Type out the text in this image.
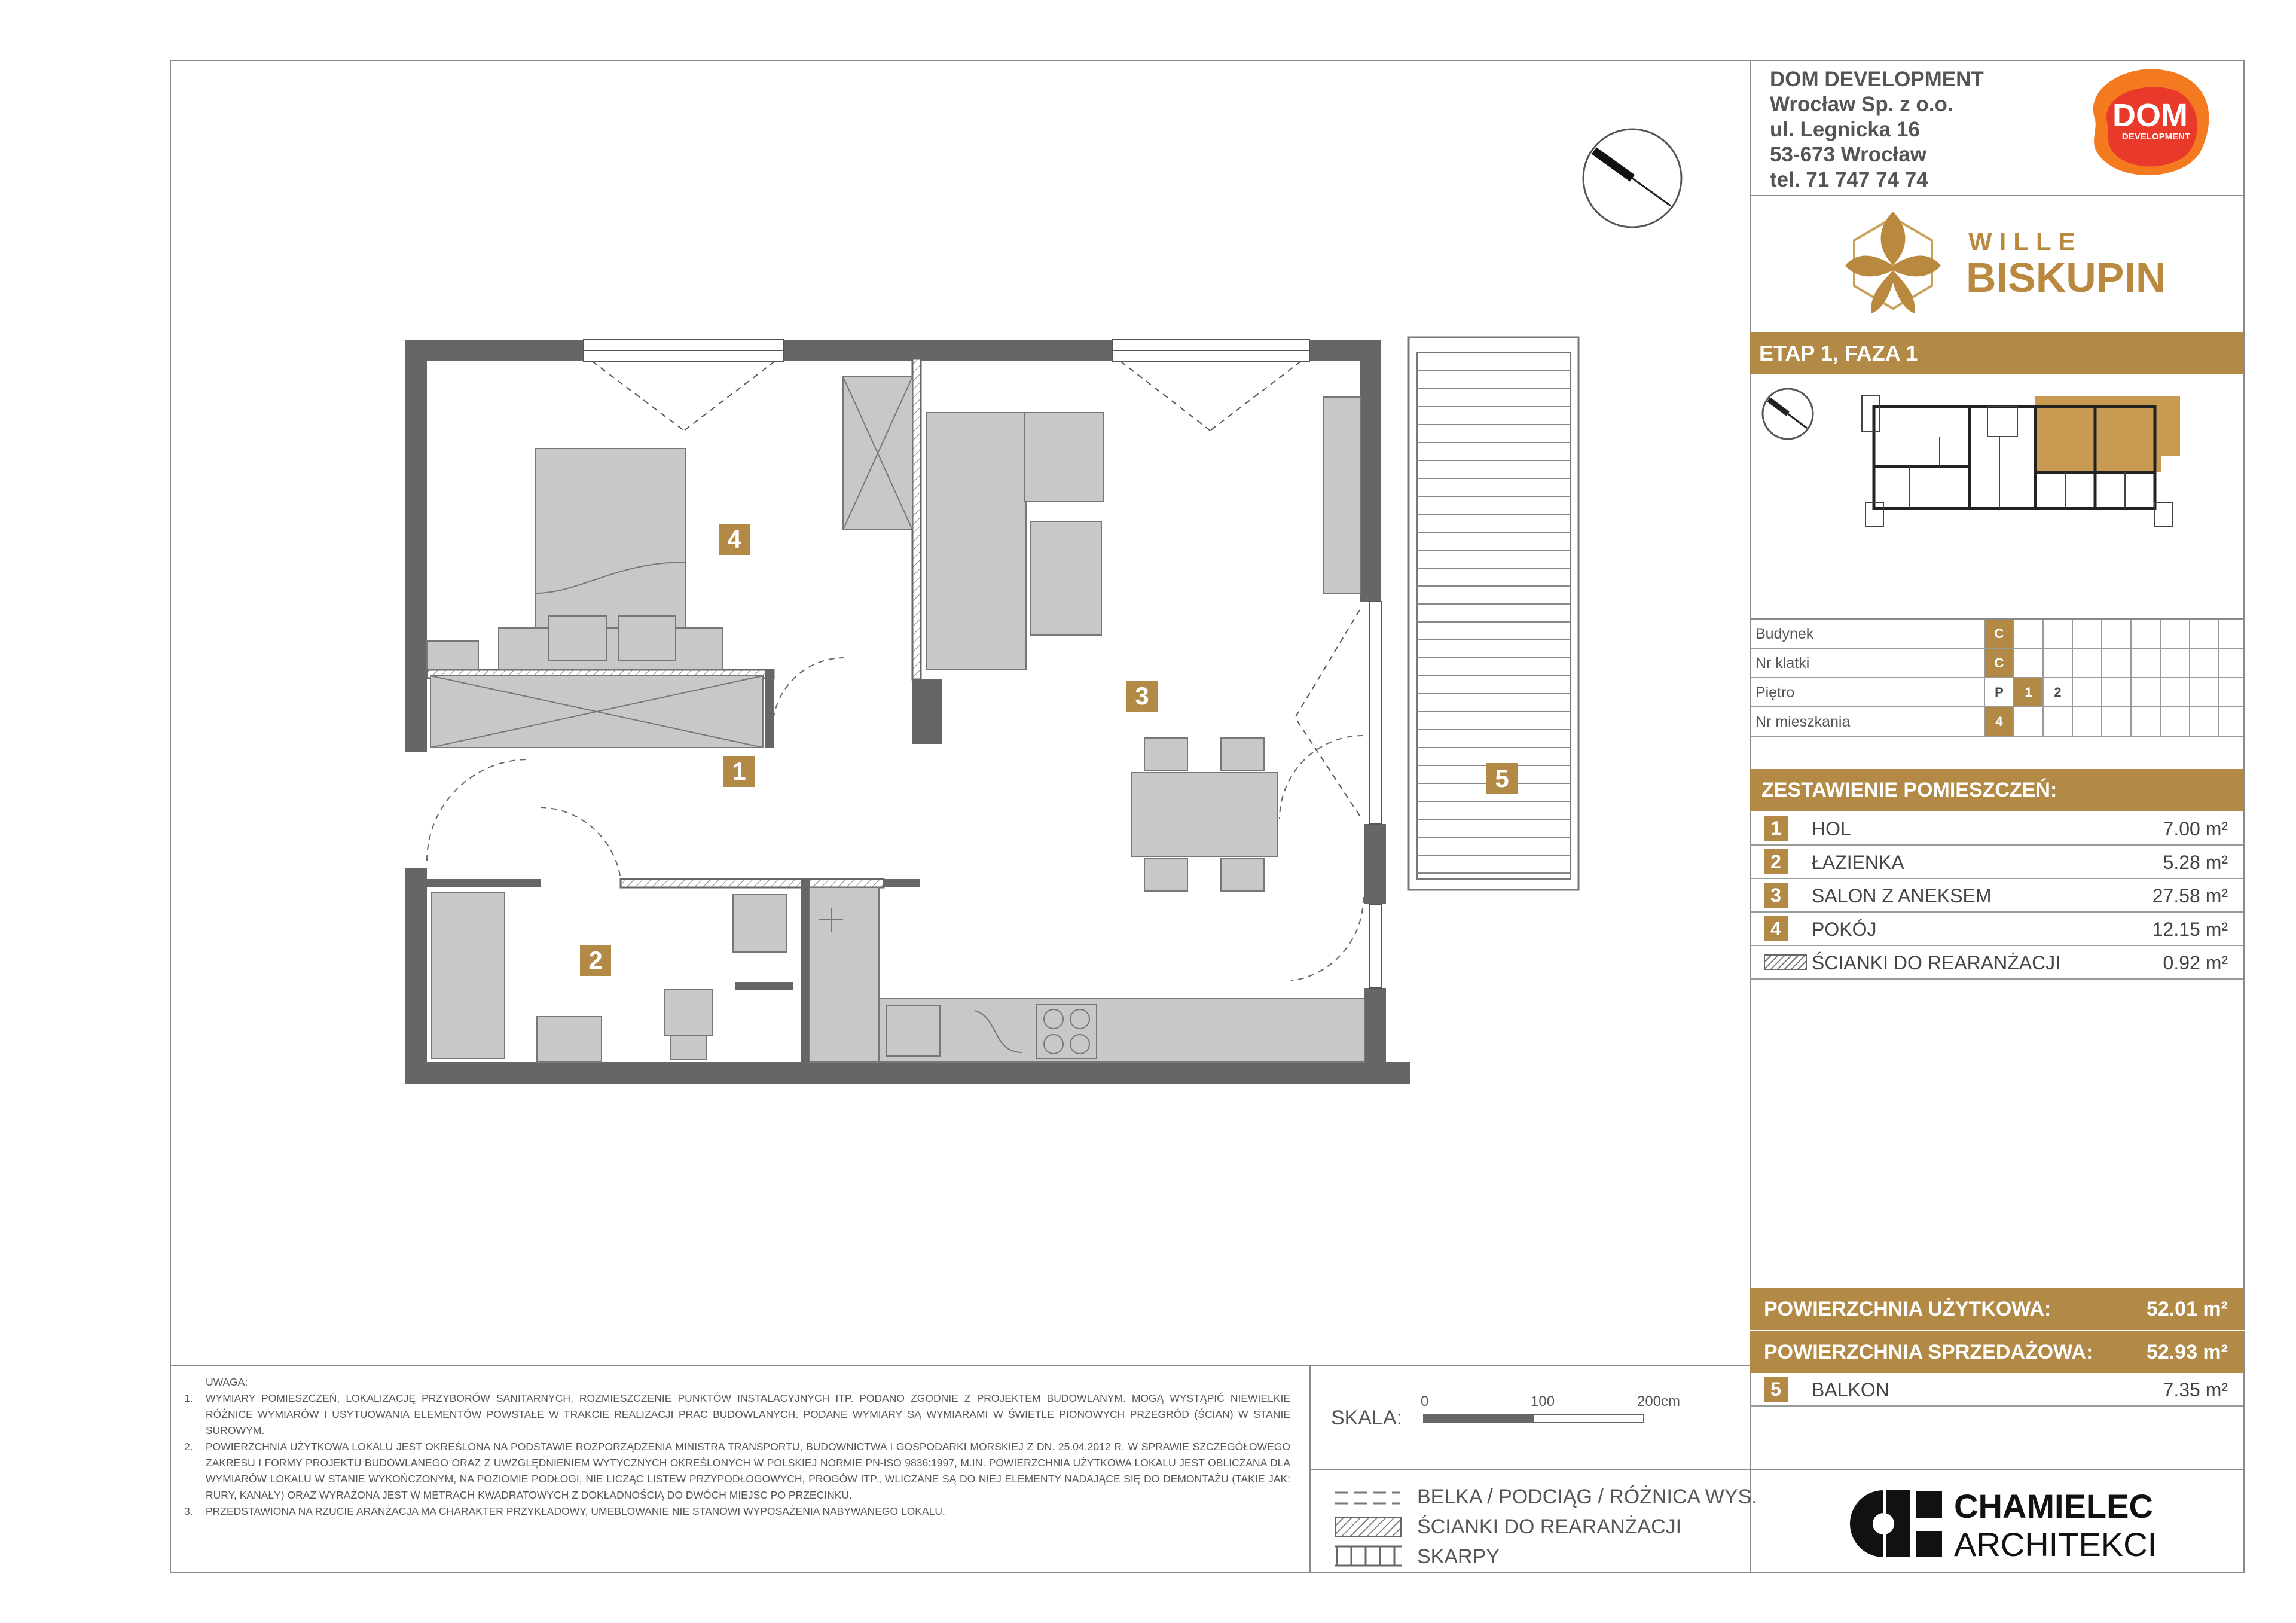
DOM DEVELOPMENT
Wrocław Sp. z o.o.
ul. Legnicka 16
53-673 Wrocław
tel. 71 747 74 74
DOM
DEVELOPMENT
WILLE
BISKUPIN
ETAP 1, FAZA 1
Budynek	C
Nr klatki	C
Piętro	P	1	2
Nr mieszkania	4
ZESTAWIENIE POMIESZCZEŃ:
1	HOL	7.00 m²
2	ŁAZIENKA	5.28 m²
3	SALON Z ANEKSEM	27.58 m²
4	POKÓJ	12.15 m²
ŚCIANKI DO REARANŻACJI	0.92 m²
POWIERZCHNIA UŻYTKOWA:	52.01 m²
POWIERZCHNIA SPRZEDAŻOWA:	52.93 m²
5	BALKON	7.35 m²
UWAGA:
1. WYMIARY POMIESZCZEŃ, LOKALIZACJĘ PRZYBORÓW SANITARNYCH, ROZMIESZCZENIE PUNKTÓW INSTALACYJNYCH ITP. PODANO ZGODNIE Z PROJEKTEM BUDOWLANYM. MOGĄ WYSTĄPIĆ NIEWIELKIE RÓŻNICE WYMIARÓW I USYTUOWANIA ELEMENTÓW POWSTAŁE W TRAKCIE REALIZACJI PRAC BUDOWLANYCH. PODANE WYMIARY SĄ WYMIARAMI W ŚWIETLE PIONOWYCH PRZEGRÓD (ŚCIAN) W STANIE SUROWYM.
2. POWIERZCHNIA UŻYTKOWA LOKALU JEST OKREŚLONA NA PODSTAWIE ROZPORZĄDZENIA MINISTRA TRANSPORTU, BUDOWNICTWA I GOSPODARKI MORSKIEJ Z DN. 25.04.2012 R. W SPRAWIE SZCZEGÓŁOWEGO ZAKRESU I FORMY PROJEKTU BUDOWLANEGO ORAZ Z UWZGLĘDNIENIEM WYTYCZNYCH OKREŚLONYCH W POLSKIEJ NORMIE PN-ISO 9836:1997, M.IN. POWIERZCHNIA UŻYTKOWA LOKALU JEST OBLICZANA DLA WYMIARÓW LOKALU W STANIE WYKOŃCZONYM, NA POZIOMIE PODŁOGI, NIE LICZĄC LISTEW PRZYPODŁOGOWYCH, PROGÓW ITP., WLICZANE SĄ DO NIEJ ELEMENTY NADAJĄCE SIĘ DO DEMONTAŻU (TAKIE JAK: RURY, KANAŁY) ORAZ WYRAŻONA JEST W METRACH KWADRATOWYCH Z DOKŁADNOŚCIĄ DO DWÓCH MIEJSC PO PRZECINKU.
3. PRZEDSTAWIONA NA RZUCIE ARANŻACJA MA CHARAKTER PRZYKŁADOWY, UMEBLOWANIE NIE STANOWI WYPOSAŻENIA NABYWANEGO LOKALU.
SKALA:
0	100	200cm
BELKA / PODCIĄG / RÓŻNICA WYS.
ŚCIANKI DO REARANŻACJI
SKARPY
CHAMIELEC
ARCHITEKCI
1
2
3
4
5
